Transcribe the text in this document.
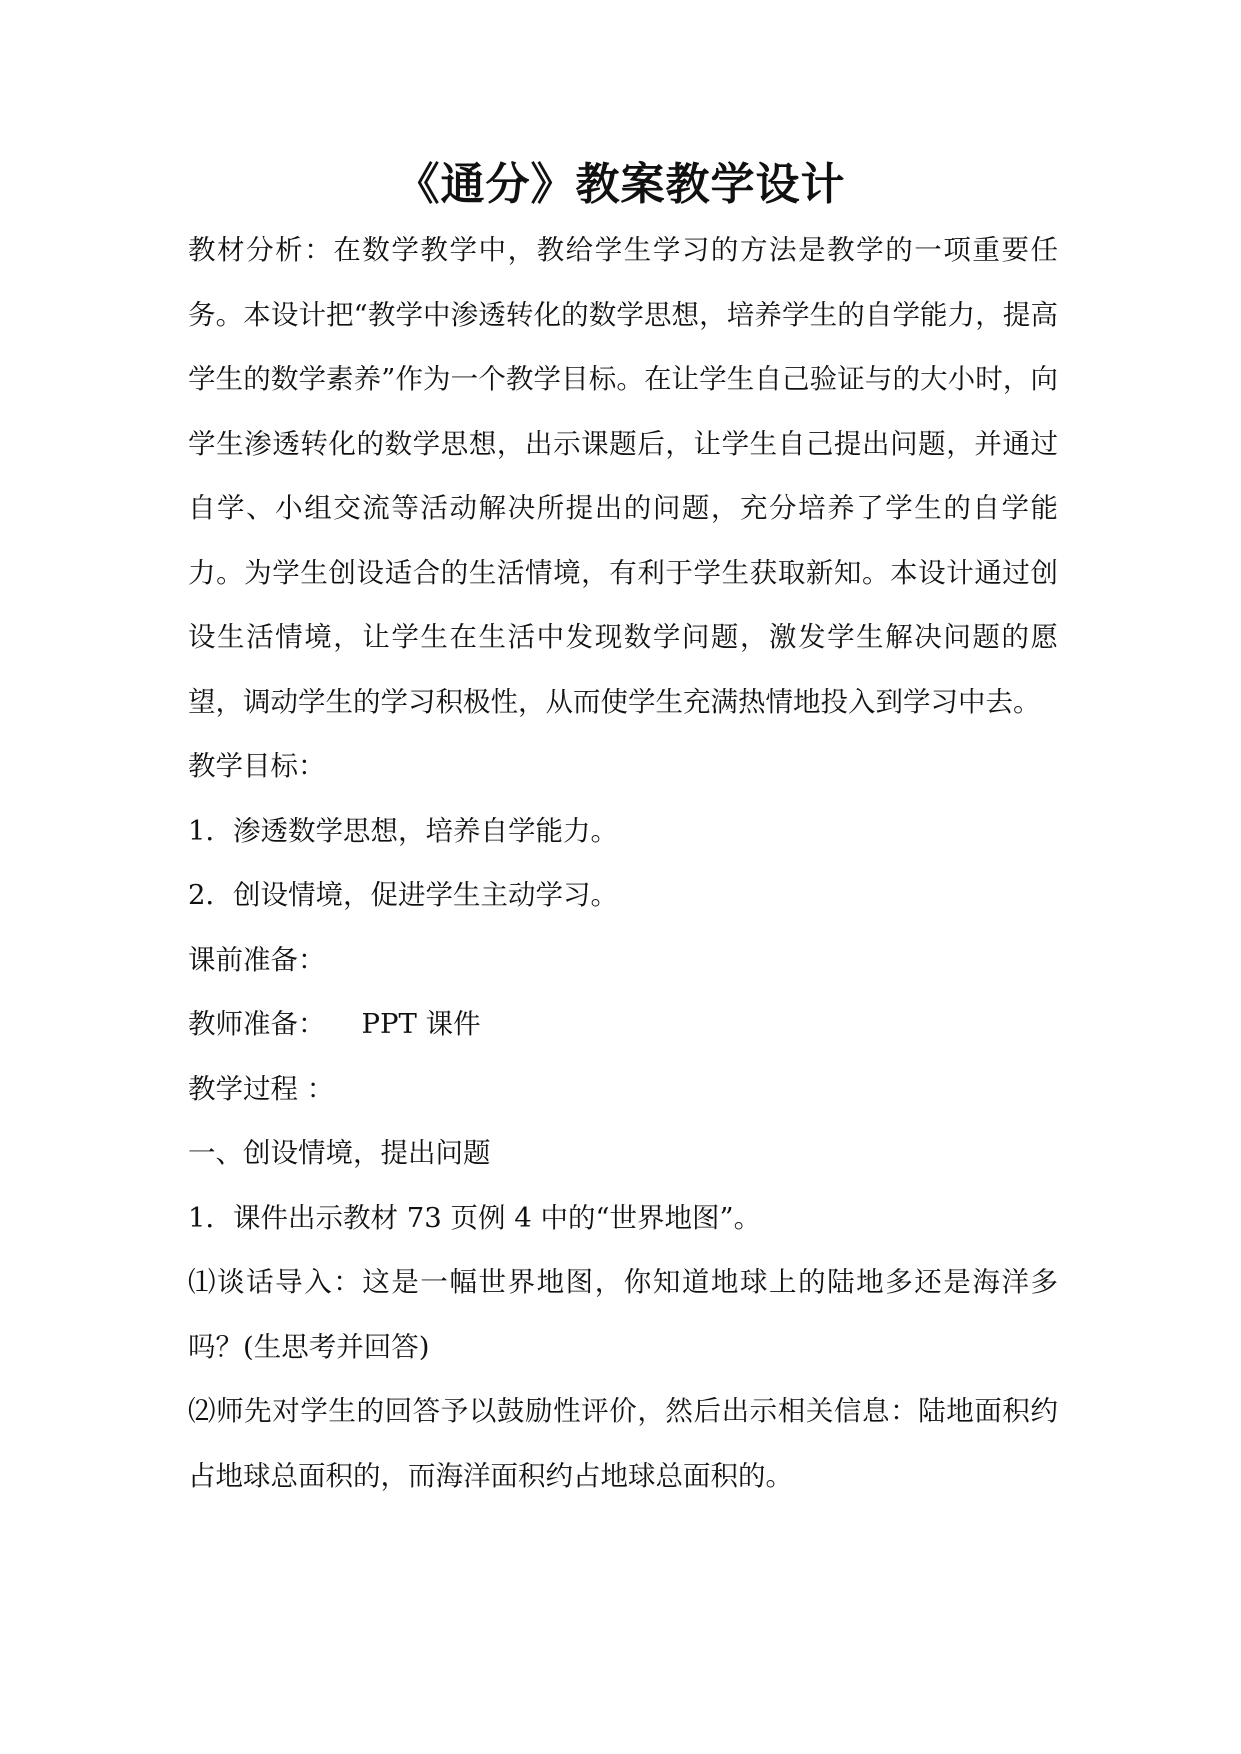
《通分》教案教学设计

教材分析：在数学教学中，教给学生学习的方法是教学的一项重要任务。本设计把“教学中渗透转化的数学思想，培养学生的自学能力，提高学生的数学素养”作为一个教学目标。在让学生自己验证与的大小时，向学生渗透转化的数学思想，出示课题后，让学生自己提出问题，并通过自学、小组交流等活动解决所提出的问题，充分培养了学生的自学能力。为学生创设适合的生活情境，有利于学生获取新知。本设计通过创设生活情境，让学生在生活中发现数学问题，激发学生解决问题的愿望，调动学生的学习积极性，从而使学生充满热情地投入到学习中去。

教学目标：

1．渗透数学思想，培养自学能力。

2．创设情境，促进学生主动学习。

课前准备：

教师准备： PPT 课件

教学过程 ：

一、创设情境，提出问题

1．课件出示教材 73 页例 4 中的“世界地图”。

⑴谈话导入：这是一幅世界地图，你知道地球上的陆地多还是海洋多吗？(生思考并回答)

⑵师先对学生的回答予以鼓励性评价，然后出示相关信息：陆地面积约占地球总面积的，而海洋面积约占地球总面积的。
